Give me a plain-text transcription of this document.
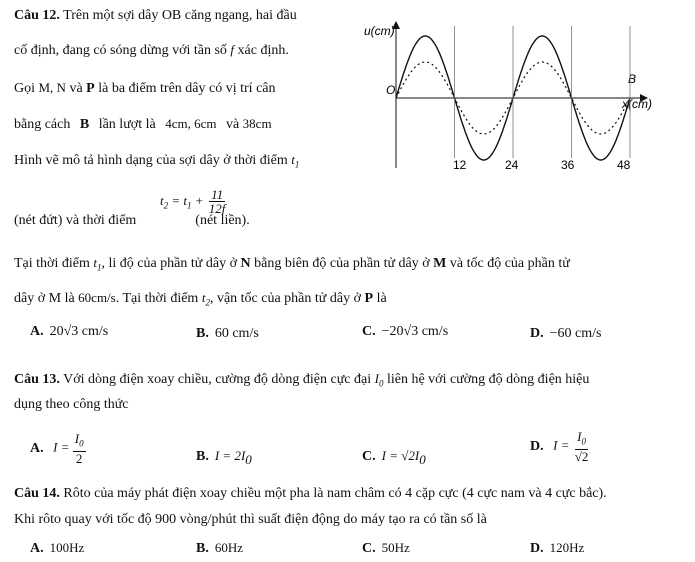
Câu 12. Trên một sợi dây OB căng ngang, hai đầu
cố định, đang có sóng dừng với tần số f xác định.
Gọi M, N và P là ba điểm trên dây có vị trí cân
bằng cách B lần lượt là 4cm, 6cm và 38cm
Hình vẽ mô tả hình dạng của sợi dây ở thời điểm $t_1$
$t_2 = t_1 + \frac{11}{12f}$
(nét đứt) và thời điểm	(nét liền).
Tại thời điểm $t_1$, li độ của phần tử dây ở N bằng biên độ của phần tử dây ở M và tốc độ của phần tử
dây ở M là 60cm/s. Tại thời điểm $t_2$, vận tốc của phần tử dây ở P là
A. 20√3 cm/s	B. 60 cm/s	C. −20√3 cm/s	D. −60 cm/s
u(cm)
O
B
x(cm)
12	24	36	48
Câu 13. Với dòng điện xoay chiều, cường độ dòng điện cực đại $I_0$ liên hệ với cường độ dòng điện hiệu
dụng theo công thức
A. $I = \frac{I_0}{2}$	B. $I = 2I_0$	C. $I = √2I_0$
D. $I = \frac{I_0}{√2}$
Câu 14. Rôto của máy phát điện xoay chiều một pha là nam châm có 4 cặp cực (4 cực nam và 4 cực bắc).
Khi rôto quay với tốc độ 900 vòng/phút thì suất điện động do máy tạo ra có tần số là
A. 100Hz	B. 60Hz	C. 50Hz	D. 120Hz
